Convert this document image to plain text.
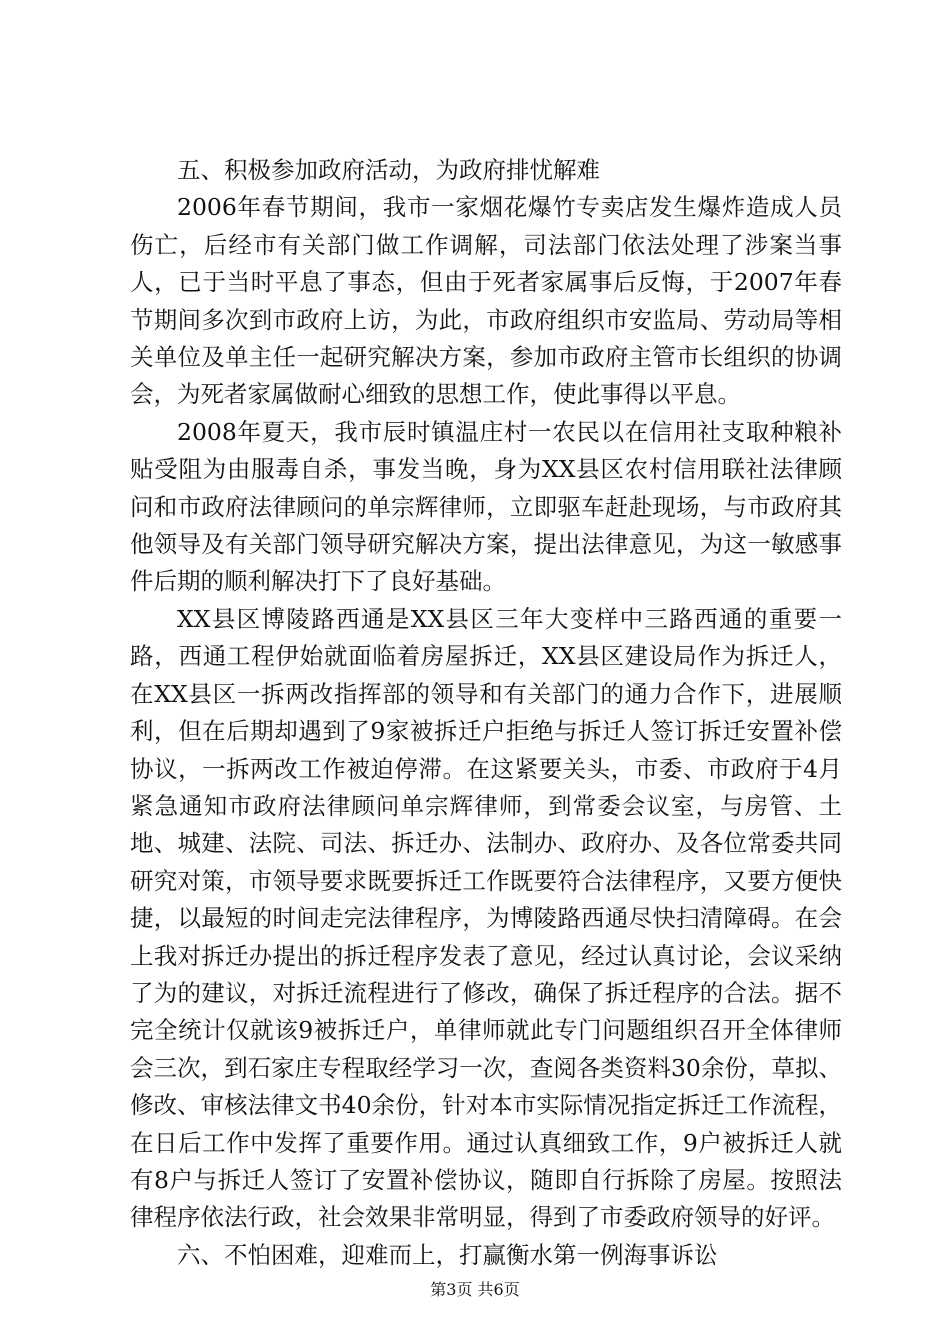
五、积极参加政府活动，为政府排忧解难

2006年春节期间，我市一家烟花爆竹专卖店发生爆炸造成人员伤亡，后经市有关部门做工作调解，司法部门依法处理了涉案当事人，已于当时平息了事态，但由于死者家属事后反悔，于2007年春节期间多次到市政府上访，为此，市政府组织市安监局、劳动局等相关单位及单主任一起研究解决方案，参加市政府主管市长组织的协调会，为死者家属做耐心细致的思想工作，使此事得以平息。

2008年夏天，我市辰时镇温庄村一农民以在信用社支取种粮补贴受阻为由服毒自杀，事发当晚，身为XX县区农村信用联社法律顾问和市政府法律顾问的单宗辉律师，立即驱车赶赴现场，与市政府其他领导及有关部门领导研究解决方案，提出法律意见，为这一敏感事件后期的顺利解决打下了良好基础。

XX县区博陵路西通是XX县区三年大变样中三路西通的重要一路，西通工程伊始就面临着房屋拆迁，XX县区建设局作为拆迁人，在XX县区一拆两改指挥部的领导和有关部门的通力合作下，进展顺利，但在后期却遇到了9家被拆迁户拒绝与拆迁人签订拆迁安置补偿协议，一拆两改工作被迫停滞。在这紧要关头，市委、市政府于4月紧急通知市政府法律顾问单宗辉律师，到常委会议室，与房管、土地、城建、法院、司法、拆迁办、法制办、政府办、及各位常委共同研究对策，市领导要求既要拆迁工作既要符合法律程序，又要方便快捷，以最短的时间走完法律程序，为博陵路西通尽快扫清障碍。在会上我对拆迁办提出的拆迁程序发表了意见，经过认真讨论，会议采纳了为的建议，对拆迁流程进行了修改，确保了拆迁程序的合法。据不完全统计仅就该9被拆迁户，单律师就此专门问题组织召开全体律师会三次，到石家庄专程取经学习一次，查阅各类资料30余份，草拟、修改、审核法律文书40余份，针对本市实际情况指定拆迁工作流程，在日后工作中发挥了重要作用。通过认真细致工作，9户被拆迁人就有8户与拆迁人签订了安置补偿协议，随即自行拆除了房屋。按照法律程序依法行政，社会效果非常明显，得到了市委政府领导的好评。

六、不怕困难，迎难而上，打赢衡水第一例海事诉讼

第3页 共6页
